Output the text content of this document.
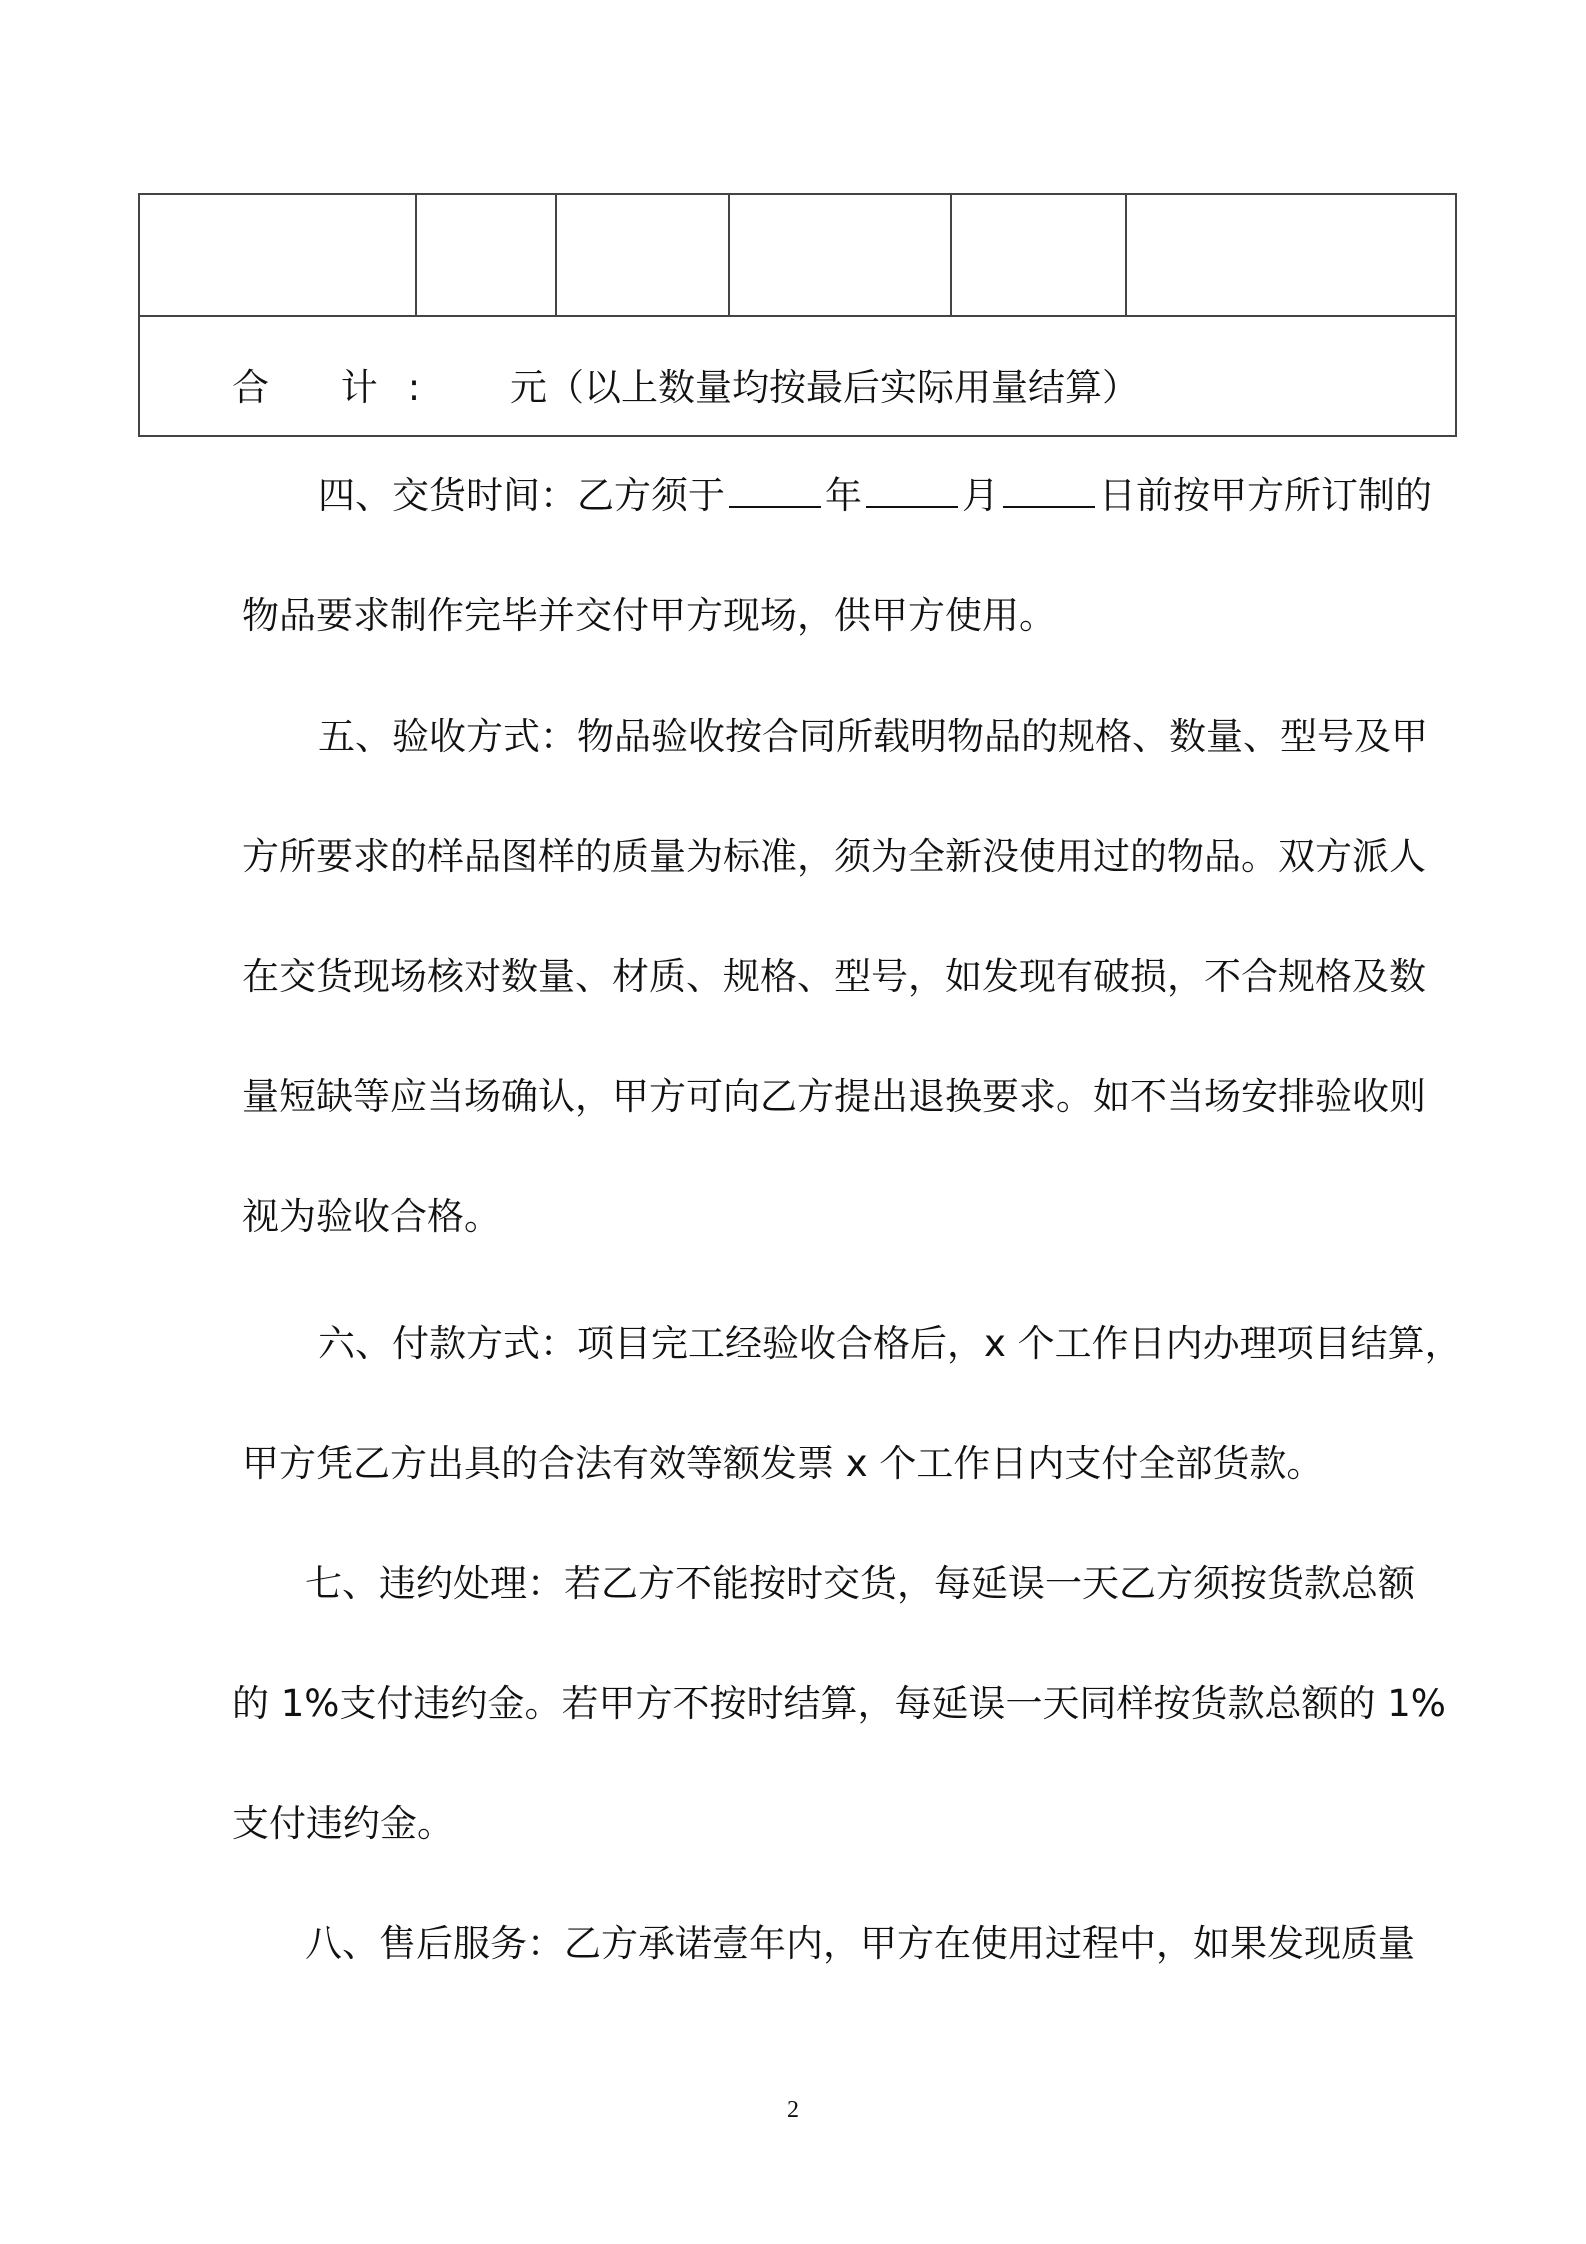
合 计: 元（以上数量均按最后实际用量结算）
四、交货时间：乙方须于	年	月	日前按甲方所订制的
物品要求制作完毕并交付甲方现场，供甲方使用。
五、验收方式：物品验收按合同所载明物品的规格、数量、型号及甲
方所要求的样品图样的质量为标准，须为全新没使用过的物品。双方派人
在交货现场核对数量、材质、规格、型号，如发现有破损，不合规格及数
量短缺等应当场确认，甲方可向乙方提出退换要求。如不当场安排验收则
视为验收合格。
六、付款方式：项目完工经验收合格后，x 个工作日内办理项目结算，
甲方凭乙方出具的合法有效等额发票 x 个工作日内支付全部货款。
七、违约处理：若乙方不能按时交货，每延误一天乙方须按货款总额
的 1%支付违约金。若甲方不按时结算，每延误一天同样按货款总额的 1%
支付违约金。
八、售后服务：乙方承诺壹年内，甲方在使用过程中，如果发现质量
2
